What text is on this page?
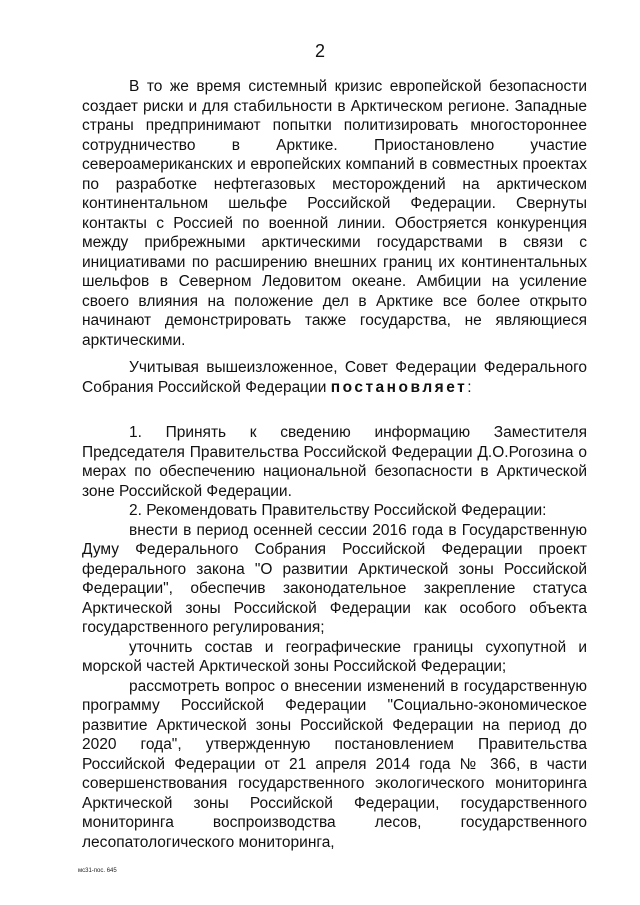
2

В то же время системный кризис европейской безопасности создает риски и для стабильности в Арктическом регионе. Западные страны предпринимают попытки политизировать многостороннее сотрудничество в Арктике. Приостановлено участие североамериканских и европейских компаний в совместных проектах по разработке нефтегазовых месторождений на арктическом континентальном шельфе Российской Федерации. Свернуты контакты с Россией по военной линии. Обостряется конкуренция между прибрежными арктическими государствами в связи с инициативами по расширению внешних границ их континентальных шельфов в Северном Ледовитом океане. Амбиции на усиление своего влияния на положение дел в Арктике все более открыто начинают демонстрировать также государства, не являющиеся арктическими.

Учитывая вышеизложенное, Совет Федерации Федерального Собрания Российской Федерации постановляет:

1. Принять к сведению информацию Заместителя Председателя Правительства Российской Федерации Д.О.Рогозина о мерах по обеспечению национальной безопасности в Арктической зоне Российской Федерации.

2. Рекомендовать Правительству Российской Федерации:

внести в период осенней сессии 2016 года в Государственную Думу Федерального Собрания Российской Федерации проект федерального закона "О развитии Арктической зоны Российской Федерации", обеспечив законодательное закрепление статуса Арктической зоны Российской Федерации как особого объекта государственного регулирования;

уточнить состав и географические границы сухопутной и морской частей Арктической зоны Российской Федерации;

рассмотреть вопрос о внесении изменений в государственную программу Российской Федерации "Социально-экономическое развитие Арктической зоны Российской Федерации на период до 2020 года", утвержденную постановлением Правительства Российской Федерации от 21 апреля 2014 года № 366, в части совершенствования государственного экологического мониторинга Арктической зоны Российской Федерации, государственного мониторинга воспроизводства лесов, государственного лесопатологического мониторинга,

мс31-пос. 645
